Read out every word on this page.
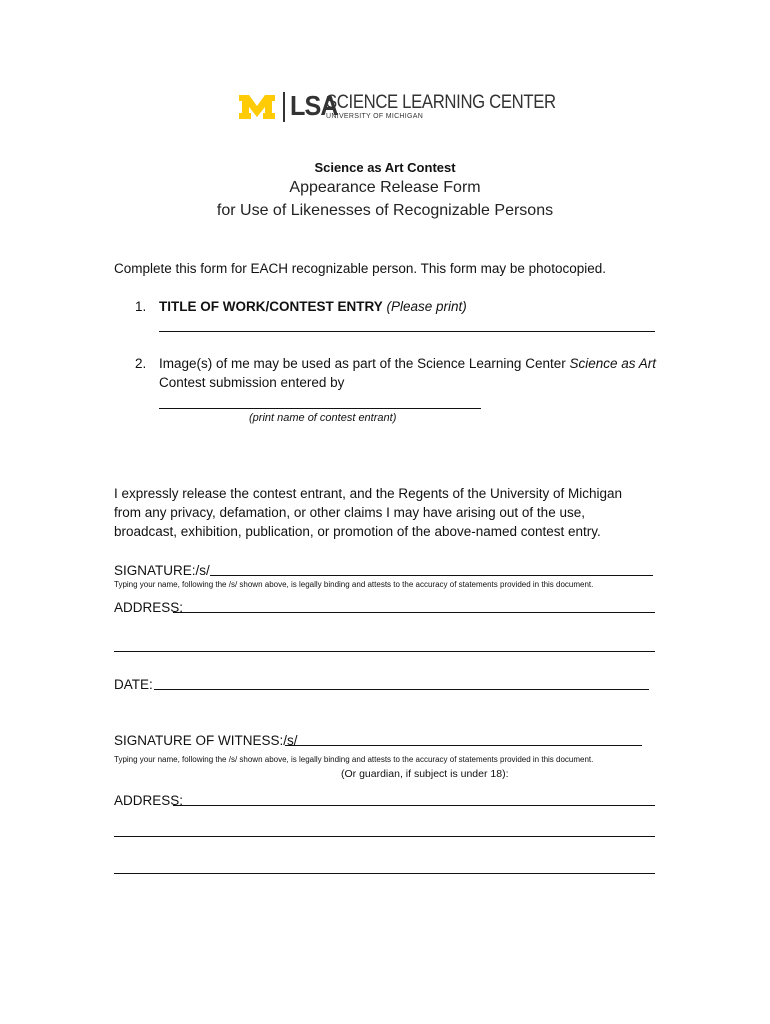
LSA
SCIENCE LEARNING CENTER
UNIVERSITY OF MICHIGAN
Science as Art Contest
Appearance Release Form
for Use of Likenesses of Recognizable Persons
Complete this form for EACH recognizable person. This form may be photocopied.
1. TITLE OF WORK/CONTEST ENTRY (Please print)
2. Image(s) of me may be used as part of the Science Learning Center Science as Art
Contest submission entered by
(print name of contest entrant)
I expressly release the contest entrant, and the Regents of the University of Michigan
from any privacy, defamation, or other claims I may have arising out of the use,
broadcast, exhibition, publication, or promotion of the above-named contest entry.
SIGNATURE:/s/
Typing your name, following the /s/ shown above, is legally binding and attests to the accuracy of statements provided in this document.
ADDRESS:
DATE:
SIGNATURE OF WITNESS:/s/
Typing your name, following the /s/ shown above, is legally binding and attests to the accuracy of statements provided in this document.
(Or guardian, if subject is under 18):
ADDRESS:
